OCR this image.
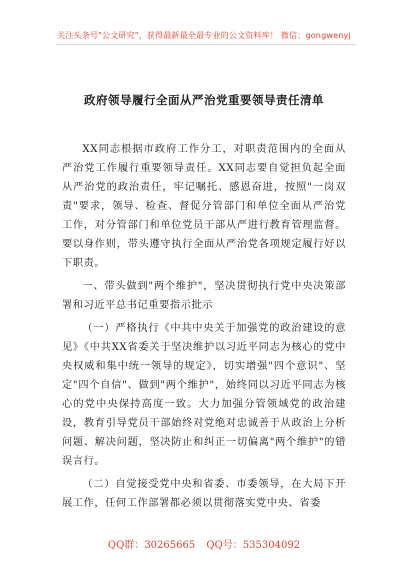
关注头条号"公文研究"，获得最新最全最专业的公文资料库！ 微信：gongwenyj
政府领导履行全面从严治党重要领导责任清单

XX同志根据市政府工作分工，对职责范围内的全面从严治党工作履行重要领导责任。XX同志要自觉担负起全面从严治党的政治责任，牢记嘱托、感恩奋进，按照"一岗双责"要求，领导、检查、督促分管部门和单位全面从严治党工作，对分管部门和单位党员干部从严进行教育管理监督。要以身作则，带头遵守执行全面从严治党各项规定履行好以下职责。

一、带头做到"两个维护"，坚决贯彻执行党中央决策部署和习近平总书记重要指示批示

（一）严格执行《中共中央关于加强党的政治建设的意见》《中共XX省委关于坚决维护以习近平同志为核心的党中央权威和集中统一领导的规定》，切实增强"四个意识"、坚定"四个自信"、做到"两个维护"，始终同以习近平同志为核心的党中央保持高度一致。大力加强分管领域党的政治建设，教育引导党员干部始终对党绝对忠诚善于从政治上分析问题、解决问题，坚决防止和纠正一切偏离"两个维护"的错误言行。

（二）自觉接受党中央和省委、市委领导，在大局下开展工作，任何工作部署都必须以贯彻落实党中央、省委

QQ群：30265665 QQ号：535304092
